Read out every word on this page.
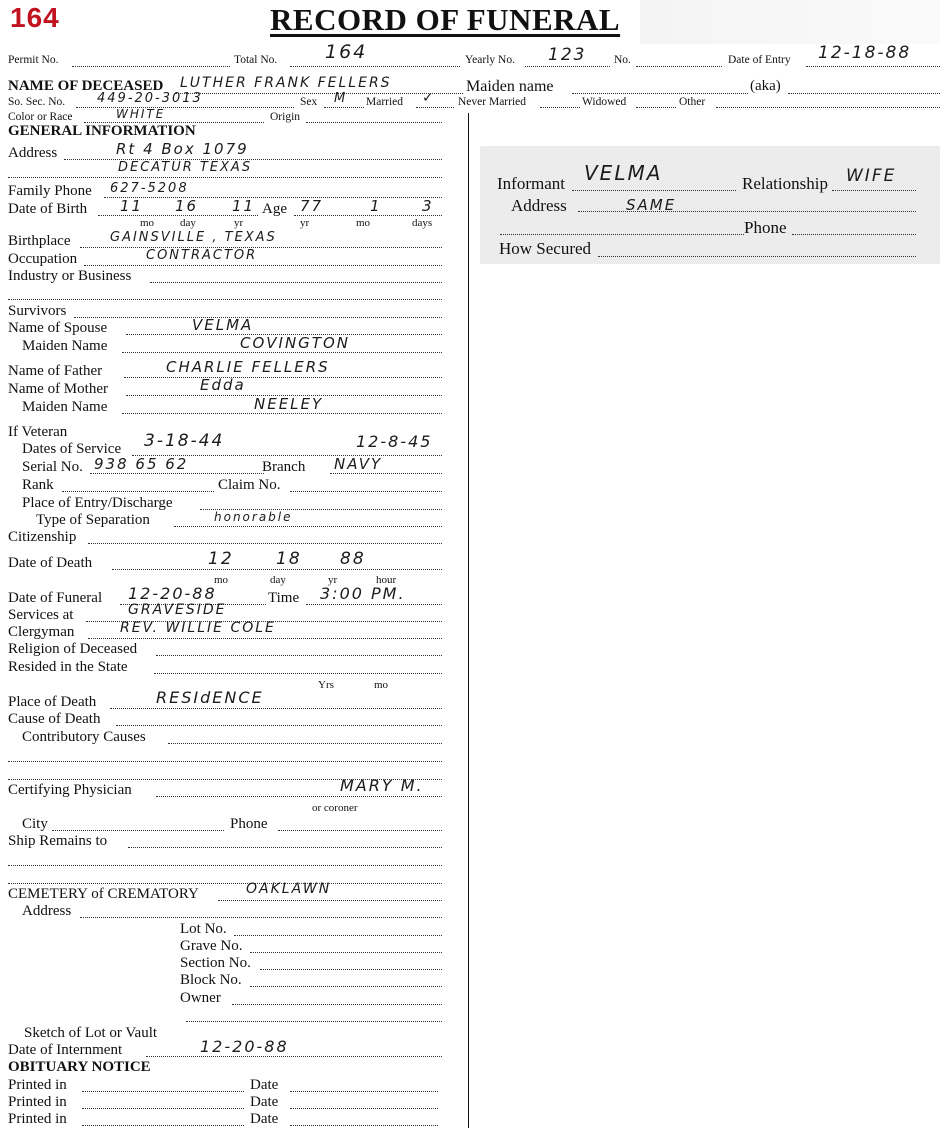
164	RECORD OF FUNERAL
Permit No.	Total No.	164	Yearly No. 123 No.	Date of Entry 12-18-88
NAME OF DECEASED LUTHER FRANK FELLERS	Maiden name	(aka)
So. Sec. No. 449-20-3013	Sex M Married ✓ Never Married	Widowed	Other
Color or Race	WHITE	Origin
GENERAL INFORMATION
Address	Rt 4 Box 1079
DECATUR TEXAS
Family Phone 627-5208
Date of Birth 11 16 11 Age 77	1	3
mo day	yr	yr	mo	days
Birthplace	GAINSVILLE , TEXAS
Occupation	CONTRACTOR
Industry or Business
Survivors
Name of Spouse	VELMA
Maiden Name	COVINGTON
Name of Father	CHARLIE FELLERS
Name of Mother	Edda
Maiden Name	NEELEY
If Veteran
Dates of Service 3-18-44	12-8-45
Serial No. 938 65 62	Branch NAVY
Rank	Claim No.
Place of Entry/Discharge
Type of Separation	honorable
Citizenship
Date of Death	12 18 88
mo	day	yr	hour
Date of Funeral 12-20-88	Time 3:00 PM.
Services at	GRAVESIDE
Clergyman	REV. WILLIE COLE
Religion of Deceased
Resided in the State
Yrs	mo
Place of Death	RESIdENCE
Cause of Death
Contributory Causes
Certifying Physician	MARY M.
or coroner
City	Phone
Ship Remains to
CEMETERY of CREMATORY	OAKLAWN
Address
Lot No.
Grave No.
Section No.
Block No.
Owner
Sketch of Lot or Vault
Date of Internment	12-20-88
OBITUARY NOTICE
Printed in	Date
Printed in	Date
Printed in	Date
Informant VELMA	Relationship WIFE
Address	SAME
Phone
How Secured
